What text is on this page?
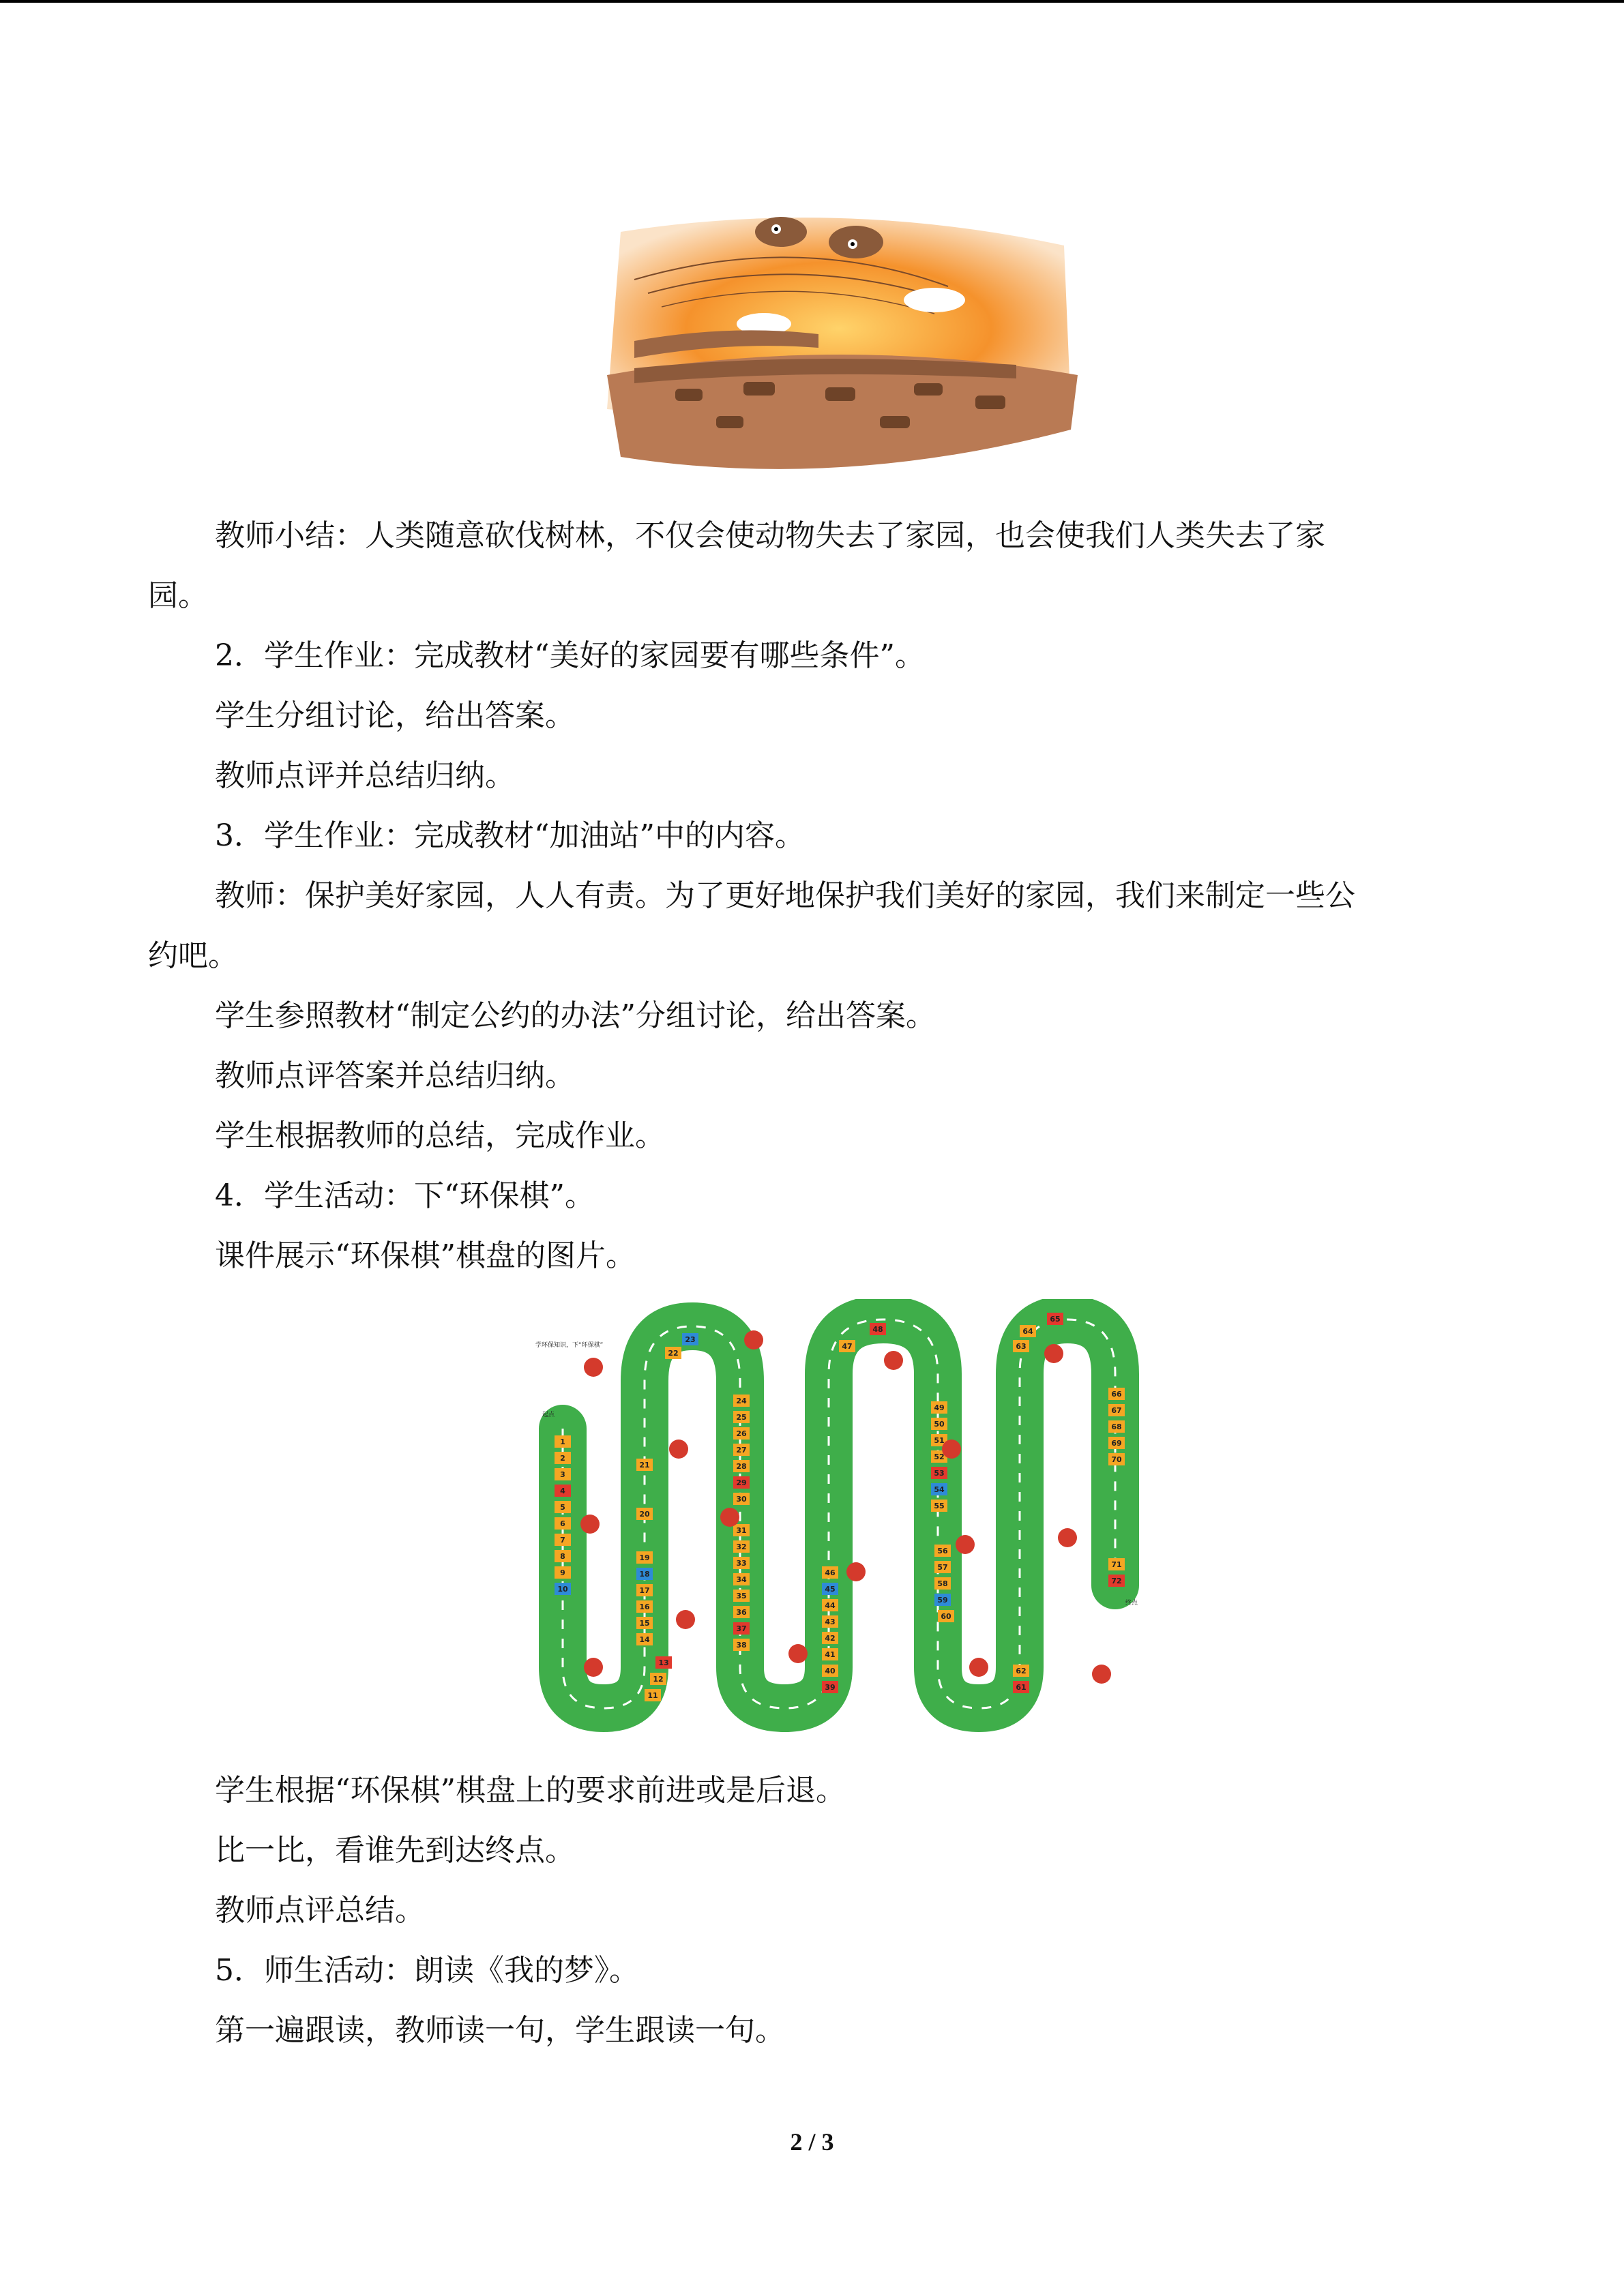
教师小结：人类随意砍伐树林，不仅会使动物失去了家园，也会使我们人类失去了家
园。
2．学生作业：完成教材“美好的家园要有哪些条件”。
学生分组讨论，给出答案。
教师点评并总结归纳。
3．学生作业：完成教材“加油站”中的内容。
教师：保护美好家园，人人有责。为了更好地保护我们美好的家园，我们来制定一些公
约吧。
学生参照教材“制定公约的办法”分组讨论，给出答案。
教师点评答案并总结归纳。
学生根据教师的总结，完成作业。
4．学生活动：下“环保棋”。
课件展示“环保棋”棋盘的图片。
学环保知识，下“环保棋”
起点
终点
1
2
3
4
5
6
7
8
9
10
11
12
13
14
15
16
17
18
19
20
21
22
23
24
25
26
27
28
29
30
31
32
33
34
35
36
37
38
39
40
41
42
43
44
45
46
47
48
49
50
51
52
53
54
55
56
57
58
59
60
61
62
63
64
65
66
67
68
69
70
71
72
学生根据“环保棋”棋盘上的要求前进或是后退。
比一比，看谁先到达终点。
教师点评总结。
5．师生活动：朗读《我的梦》。
第一遍跟读，教师读一句，学生跟读一句。
2 / 3
